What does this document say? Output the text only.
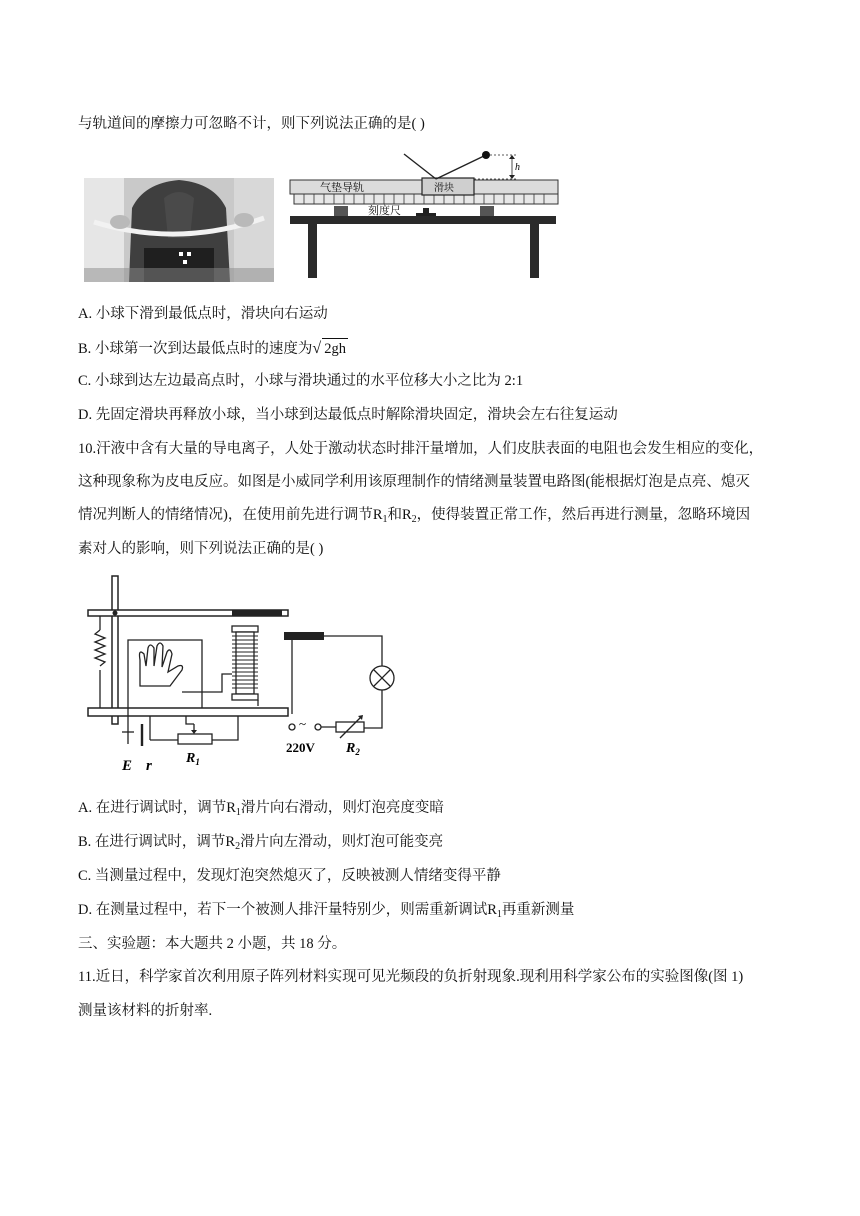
与轨道间的摩擦力可忽略不计，则下列说法正确的是( )
h
气垫导轨	滑块
刻度尺
A. 小球下滑到最低点时，滑块向右运动
B. 小球第一次到达最低点时的速度为√ 2gh
C. 小球到达左边最高点时，小球与滑块通过的水平位移大小之比为 2:1
D. 先固定滑块再释放小球，当小球到达最低点时解除滑块固定，滑块会左右往复运动
10.汗液中含有大量的导电离子，人处于激动状态时排汗量增加，人们皮肤表面的电阻也会发生相应的变化，
这种现象称为皮电反应。如图是小威同学利用该原理制作的情绪测量装置电路图(能根据灯泡是点亮、熄灭
情况判断人的情绪情况)，在使用前先进行调节$R_1$和$R_2$，使得装置正常工作，然后再进行测量，忽略环境因
素对人的影响，则下列说法正确的是( )
~
E r $R_1$
220V $R_2$
A. 在进行调试时，调节$R_1$滑片向右滑动，则灯泡亮度变暗
B. 在进行调试时，调节$R_2$滑片向左滑动，则灯泡可能变亮
C. 当测量过程中，发现灯泡突然熄灭了，反映被测人情绪变得平静
D. 在测量过程中，若下一个被测人排汗量特别少，则需重新调试$R_1$再重新测量
三、实验题：本大题共 2 小题，共 18 分。
11.近日，科学家首次利用原子阵列材料实现可见光频段的负折射现象.现利用科学家公布的实验图像(图 1)
测量该材料的折射率.
